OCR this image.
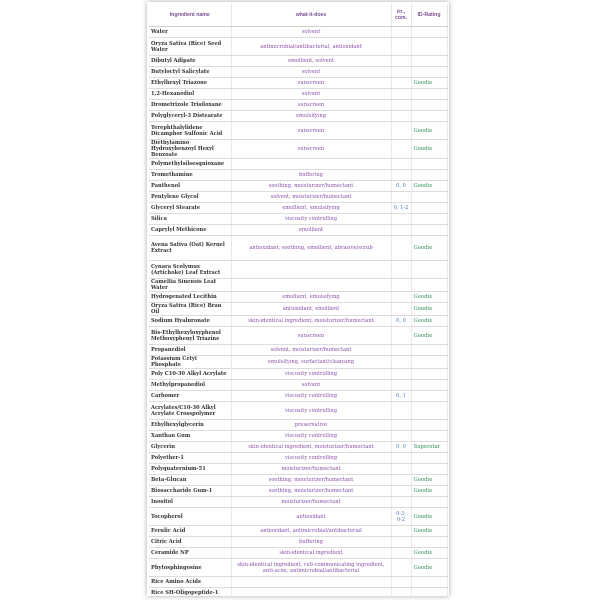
Ingredient name	what-it-does	irr., com.	ID-Rating
Water	solvent		
Oryza Sativa (Rice) Seed Water	antimicrobial/antibacterial, antioxidant		
Dibutyl Adipate	emollient, solvent		
Butyloctyl Salicylate	solvent		
Ethylhexyl Triazone	sunscreen		Goodie
1,2-Hexanediol	solvent		
Drometrizole Trisiloxane	sunscreen		
Polyglyceryl-3 Distearate	emulsifying		
Terephthalylidene Dicamphor Sulfonic Acid	sunscreen		Goodie
Diethylamino Hydroxybenzoyl Hexyl Benzoate	sunscreen		Goodie
Polymethylsilsesquioxane			
Tromethamine	buffering		
Panthenol	soothing, moisturizer/humectant	0, 0	Goodie
Pentylene Glycol	solvent, moisturizer/humectant		
Glyceryl Stearate	emollient, emulsifying	0, 1-2	
Silica	viscosity controlling		
Caprylyl Methicone	emollient		
Avena Sativa (Oat) Kernel Extract	antioxidant, soothing, emollient, abrasive/scrub		Goodie
Cynara Scolymus (Artichoke) Leaf Extract			
Camellia Sinensis Leaf Water			
Hydrogenated Lecithin	emollient, emulsifying		Goodie
Oryza Sativa (Rice) Bran Oil	antioxidant, emollient		Goodie
Sodium Hyaluronate	skin-identical ingredient, moisturizer/humectant	0, 0	Goodie
Bis-Ethylhexyloxyphenol Methoxyphenyl Triazine	sunscreen		Goodie
Propanediol	solvent, moisturizer/humectant		
Potassium Cetyl Phosphate	emulsifying, surfactant/cleansing		
Poly C10-30 Alkyl Acrylate	viscosity controlling		
Methylpropanediol	solvent		
Carbomer	viscosity controlling	0, 1	
Acrylates/C10-30 Alkyl Acrylate Crosspolymer	viscosity controlling		
Ethylhexylglycerin	preservative		
Xanthan Gum	viscosity controlling		
Glycerin	skin-identical ingredient, moisturizer/humectant	0, 0	Superstar
Polyether-1	viscosity controlling		
Polyquaternium-51	moisturizer/humectant		
Beta-Glucan	soothing, moisturizer/humectant		Goodie
Biosaccharide Gum-1	soothing, moisturizer/humectant		Goodie
Inositol	moisturizer/humectant		
Tocopherol	antioxidant	0-3, 0-2	Goodie
Ferulic Acid	antioxidant, antimicrobial/antibacterial		Goodie
Citric Acid	buffering		
Ceramide NP	skin-identical ingredient		Goodie
Phytosphingosine	skin-identical ingredient, cell-communicating ingredient, anti-acne, antimicrobial/antibacterial		Goodie
Rice Amino Acids			
Rice SH-Oligopeptide-1			
